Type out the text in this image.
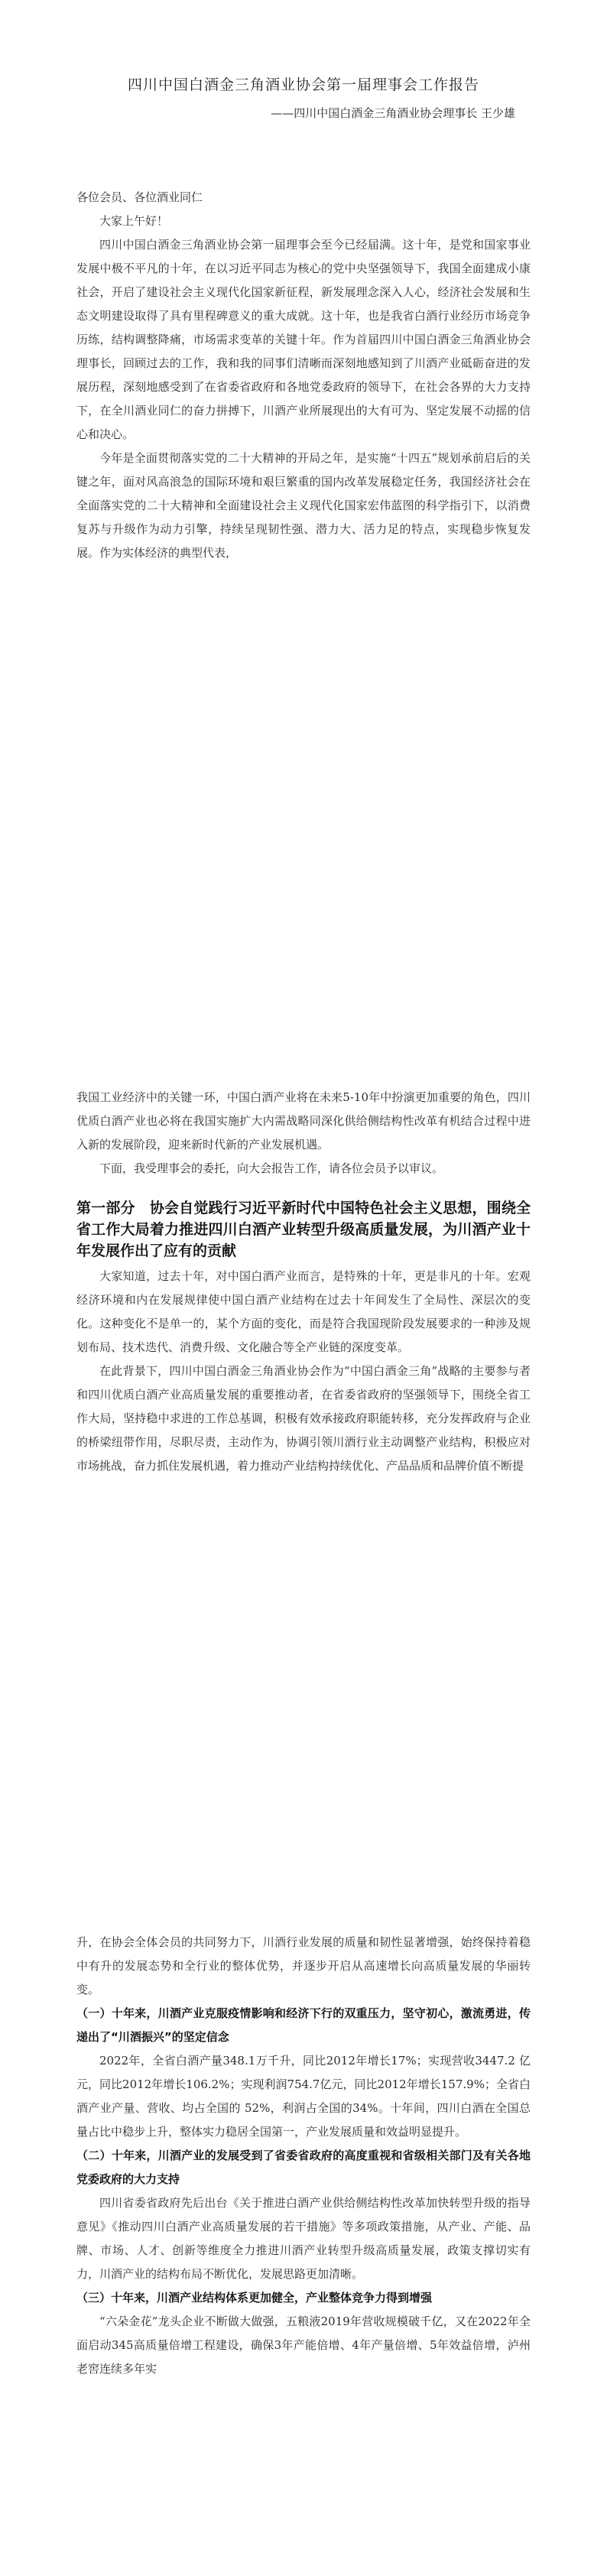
四川中国白酒金三角酒业协会第一届理事会工作报告
——四川中国白酒金三角酒业协会理事长 王少雄

各位会员、各位酒业同仁

大家上午好！

四川中国白酒金三角酒业协会第一届理事会至今已经届满。这十年，是党和国家事业发展中极不平凡的十年，在以习近平同志为核心的党中央坚强领导下，我国全面建成小康社会，开启了建设社会主义现代化国家新征程，新发展理念深入人心，经济社会发展和生态文明建设取得了具有里程碑意义的重大成就。这十年，也是我省白酒行业经历市场竞争历练，结构调整降痛，市场需求变革的关键十年。作为首届四川中国白酒金三角酒业协会理事长，回顾过去的工作，我和我的同事们清晰而深刻地感知到了川酒产业砥砺奋进的发展历程，深刻地感受到了在省委省政府和各地党委政府的领导下，在社会各界的大力支持下，在全川酒业同仁的奋力拼搏下，川酒产业所展现出的大有可为、坚定发展不动摇的信心和决心。

今年是全面贯彻落实党的二十大精神的开局之年，是实施“十四五”规划承前启后的关键之年，面对风高浪急的国际环境和艰巨繁重的国内改革发展稳定任务，我国经济社会在全面落实党的二十大精神和全面建设社会主义现代化国家宏伟蓝图的科学指引下，以消费复苏与升级作为动力引擎，持续呈现韧性强、潜力大、活力足的特点，实现稳步恢复发展。作为实体经济的典型代表，

我国工业经济中的关键一环，中国白酒产业将在未来5-10年中扮演更加重要的角色，四川优质白酒产业也必将在我国实施扩大内需战略同深化供给侧结构性改革有机结合过程中进入新的发展阶段，迎来新时代新的产业发展机遇。

下面，我受理事会的委托，向大会报告工作，请各位会员予以审议。

第一部分　协会自觉践行习近平新时代中国特色社会主义思想，围绕全省工作大局着力推进四川白酒产业转型升级高质量发展，为川酒产业十年发展作出了应有的贡献

大家知道，过去十年，对中国白酒产业而言，是特殊的十年，更是非凡的十年。宏观经济环境和内在发展规律使中国白酒产业结构在过去十年间发生了全局性、深层次的变化。这种变化不是单一的，某个方面的变化，而是符合我国现阶段发展要求的一种涉及规划布局、技术迭代、消费升级、文化融合等全产业链的深度变革。

在此背景下，四川中国白酒金三角酒业协会作为“中国白酒金三角”战略的主要参与者和四川优质白酒产业高质量发展的重要推动者，在省委省政府的坚强领导下，围绕全省工作大局，坚持稳中求进的工作总基调，积极有效承接政府职能转移，充分发挥政府与企业的桥梁纽带作用，尽职尽责，主动作为，协调引领川酒行业主动调整产业结构，积极应对市场挑战，奋力抓住发展机遇，着力推动产业结构持续优化、产品品质和品牌价值不断提

升，在协会全体会员的共同努力下，川酒行业发展的质量和韧性显著增强，始终保持着稳中有升的发展态势和全行业的整体优势，并逐步开启从高速增长向高质量发展的华丽转变。

（一）十年来，川酒产业克服疫情影响和经济下行的双重压力，坚守初心，激流勇进，传递出了“川酒振兴”的坚定信念

2022年，全省白酒产量348.1万千升，同比2012年增长17%；实现营收3447.2 亿元，同比2012年增长106.2%；实现利润754.7亿元，同比2012年增长157.9%；全省白酒产业产量、营收、均占全国的 52%，利润占全国的34%。十年间，四川白酒在全国总量占比中稳步上升，整体实力稳居全国第一，产业发展质量和效益明显提升。

（二）十年来，川酒产业的发展受到了省委省政府的高度重视和省级相关部门及有关各地党委政府的大力支持

四川省委省政府先后出台《关于推进白酒产业供给侧结构性改革加快转型升级的指导意见》《推动四川白酒产业高质量发展的若干措施》等多项政策措施，从产业、产能、品牌、市场、人才、创新等维度全力推进川酒产业转型升级高质量发展，政策支撑切实有力，川酒产业的结构布局不断优化，发展思路更加清晰。

（三）十年来，川酒产业结构体系更加健全，产业整体竞争力得到增强

“六朵金花”龙头企业不断做大做强，五粮液2019年营收规模破千亿，又在2022年全面启动345高质量倍增工程建设，确保3年产能倍增、4年产量倍增、5年效益倍增，泸州老窖连续多年实
